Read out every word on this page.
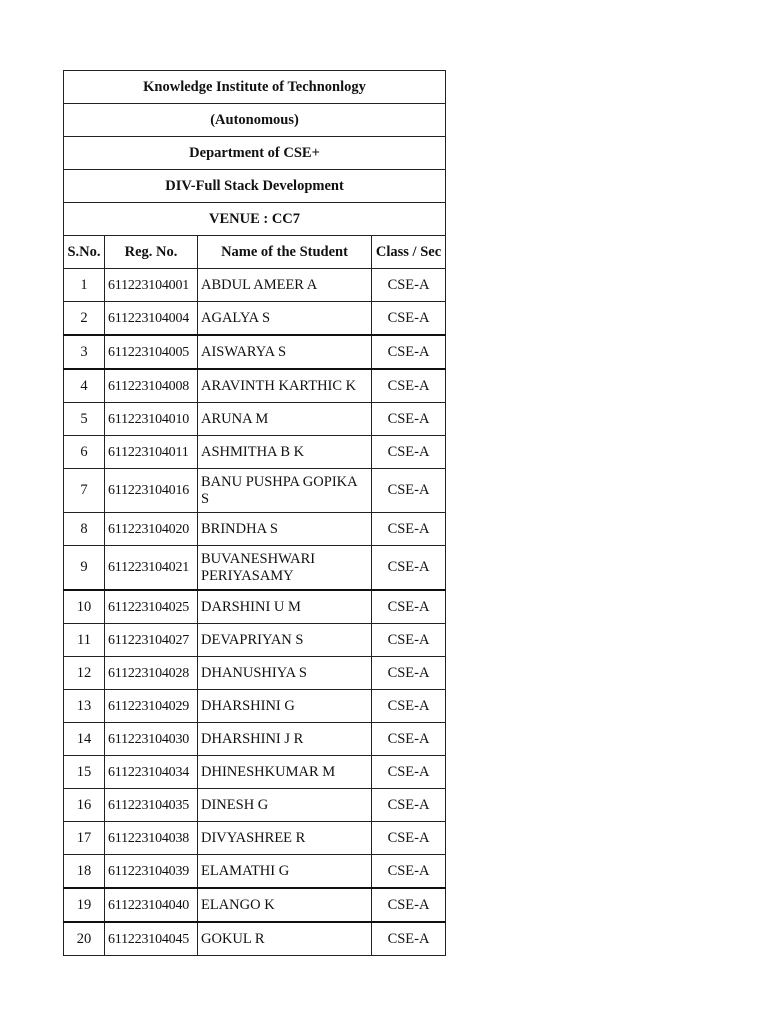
Knowledge Institute of Technonlogy			
(Autonomous)			
Department of CSE+			
DIV-Full Stack Development			
VENUE : CC7			
S.No.	Reg. No.	Name of the Student	Class / Sec
1	611223104001	ABDUL AMEER A	CSE-A
2	611223104004	AGALYA S	CSE-A
3	611223104005	AISWARYA S	CSE-A
4	611223104008	ARAVINTH KARTHIC K	CSE-A
5	611223104010	ARUNA M	CSE-A
6	611223104011	ASHMITHA B K	CSE-A
7	611223104016	BANU PUSHPA GOPIKA S	CSE-A
8	611223104020	BRINDHA S	CSE-A
9	611223104021	BUVANESHWARI PERIYASAMY	CSE-A
10	611223104025	DARSHINI U M	CSE-A
11	611223104027	DEVAPRIYAN S	CSE-A
12	611223104028	DHANUSHIYA S	CSE-A
13	611223104029	DHARSHINI G	CSE-A
14	611223104030	DHARSHINI J R	CSE-A
15	611223104034	DHINESHKUMAR M	CSE-A
16	611223104035	DINESH G	CSE-A
17	611223104038	DIVYASHREE R	CSE-A
18	611223104039	ELAMATHI G	CSE-A
19	611223104040	ELANGO K	CSE-A
20	611223104045	GOKUL R	CSE-A
